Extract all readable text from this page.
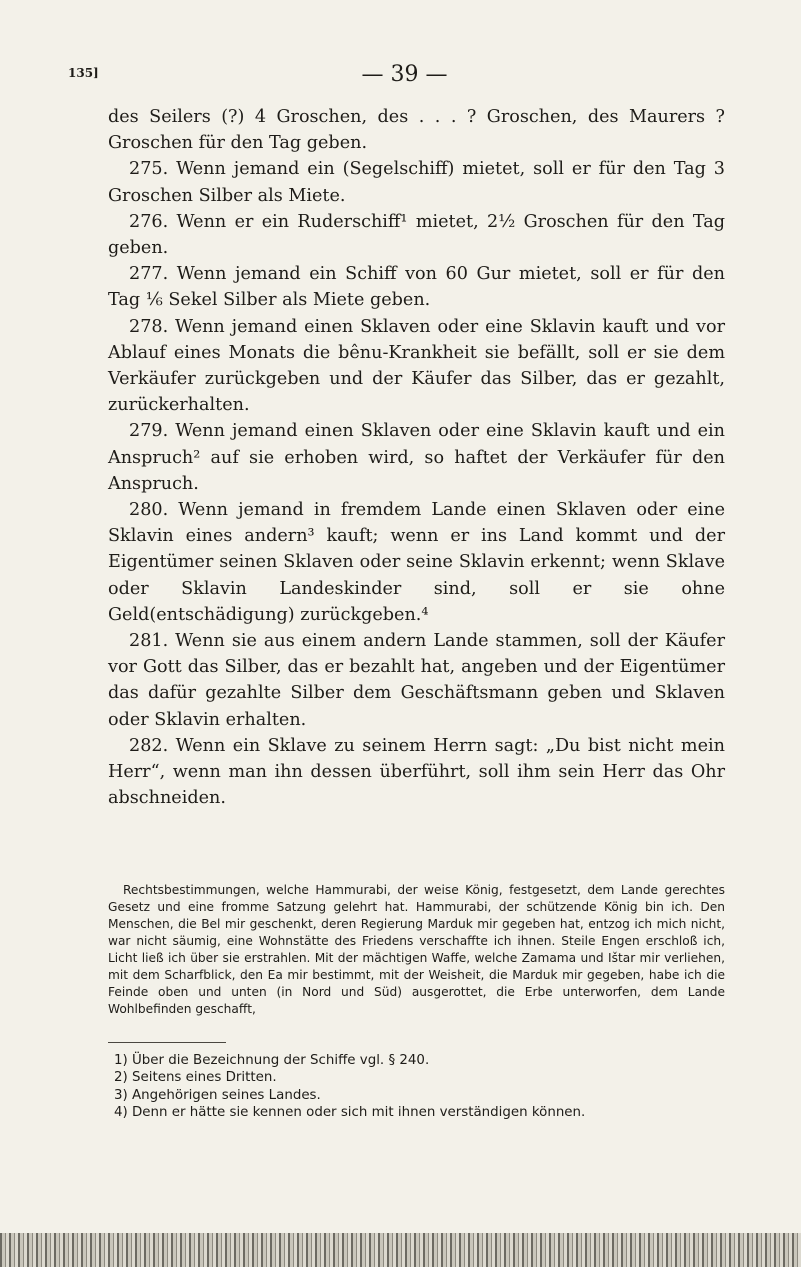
135]	— 39 —

des Seilers (?) 4 Groschen, des . . . ? Groschen, des Maurers ? Groschen für den Tag geben.

275. Wenn jemand ein (Segelschiff) mietet, soll er für den Tag 3 Groschen Silber als Miete.

276. Wenn er ein Ruderschiff¹ mietet, 2½ Groschen für den Tag geben.

277. Wenn jemand ein Schiff von 60 Gur mietet, soll er für den Tag ⅙ Sekel Silber als Miete geben.

278. Wenn jemand einen Sklaven oder eine Sklavin kauft und vor Ablauf eines Monats die bênu-Krankheit sie befällt, soll er sie dem Verkäufer zurückgeben und der Käufer das Silber, das er gezahlt, zurückerhalten.

279. Wenn jemand einen Sklaven oder eine Sklavin kauft und ein Anspruch² auf sie erhoben wird, so haftet der Verkäufer für den Anspruch.

280. Wenn jemand in fremdem Lande einen Sklaven oder eine Sklavin eines andern³ kauft; wenn er ins Land kommt und der Eigentümer seinen Sklaven oder seine Sklavin erkennt; wenn Sklave oder Sklavin Landeskinder sind, soll er sie ohne Geld(entschädigung) zurückgeben.⁴

281. Wenn sie aus einem andern Lande stammen, soll der Käufer vor Gott das Silber, das er bezahlt hat, angeben und der Eigentümer das dafür gezahlte Silber dem Geschäftsmann geben und Sklaven oder Sklavin erhalten.

282. Wenn ein Sklave zu seinem Herrn sagt: „Du bist nicht mein Herr“, wenn man ihn dessen überführt, soll ihm sein Herr das Ohr abschneiden.

Rechtsbestimmungen, welche Hammurabi, der weise König, festgesetzt, dem Lande gerechtes Gesetz und eine fromme Satzung gelehrt hat. Hammurabi, der schützende König bin ich. Den Menschen, die Bel mir geschenkt, deren Regierung Marduk mir gegeben hat, entzog ich mich nicht, war nicht säumig, eine Wohnstätte des Friedens verschaffte ich ihnen. Steile Engen erschloß ich, Licht ließ ich über sie erstrahlen. Mit der mächtigen Waffe, welche Zamama und Ištar mir verliehen, mit dem Scharfblick, den Ea mir bestimmt, mit der Weisheit, die Marduk mir gegeben, habe ich die Feinde oben und unten (in Nord und Süd) ausgerottet, die Erbe unterworfen, dem Lande Wohlbefinden geschafft,

1) Über die Bezeichnung der Schiffe vgl. § 240.
2) Seitens eines Dritten.
3) Angehörigen seines Landes.
4) Denn er hätte sie kennen oder sich mit ihnen verständigen können.
